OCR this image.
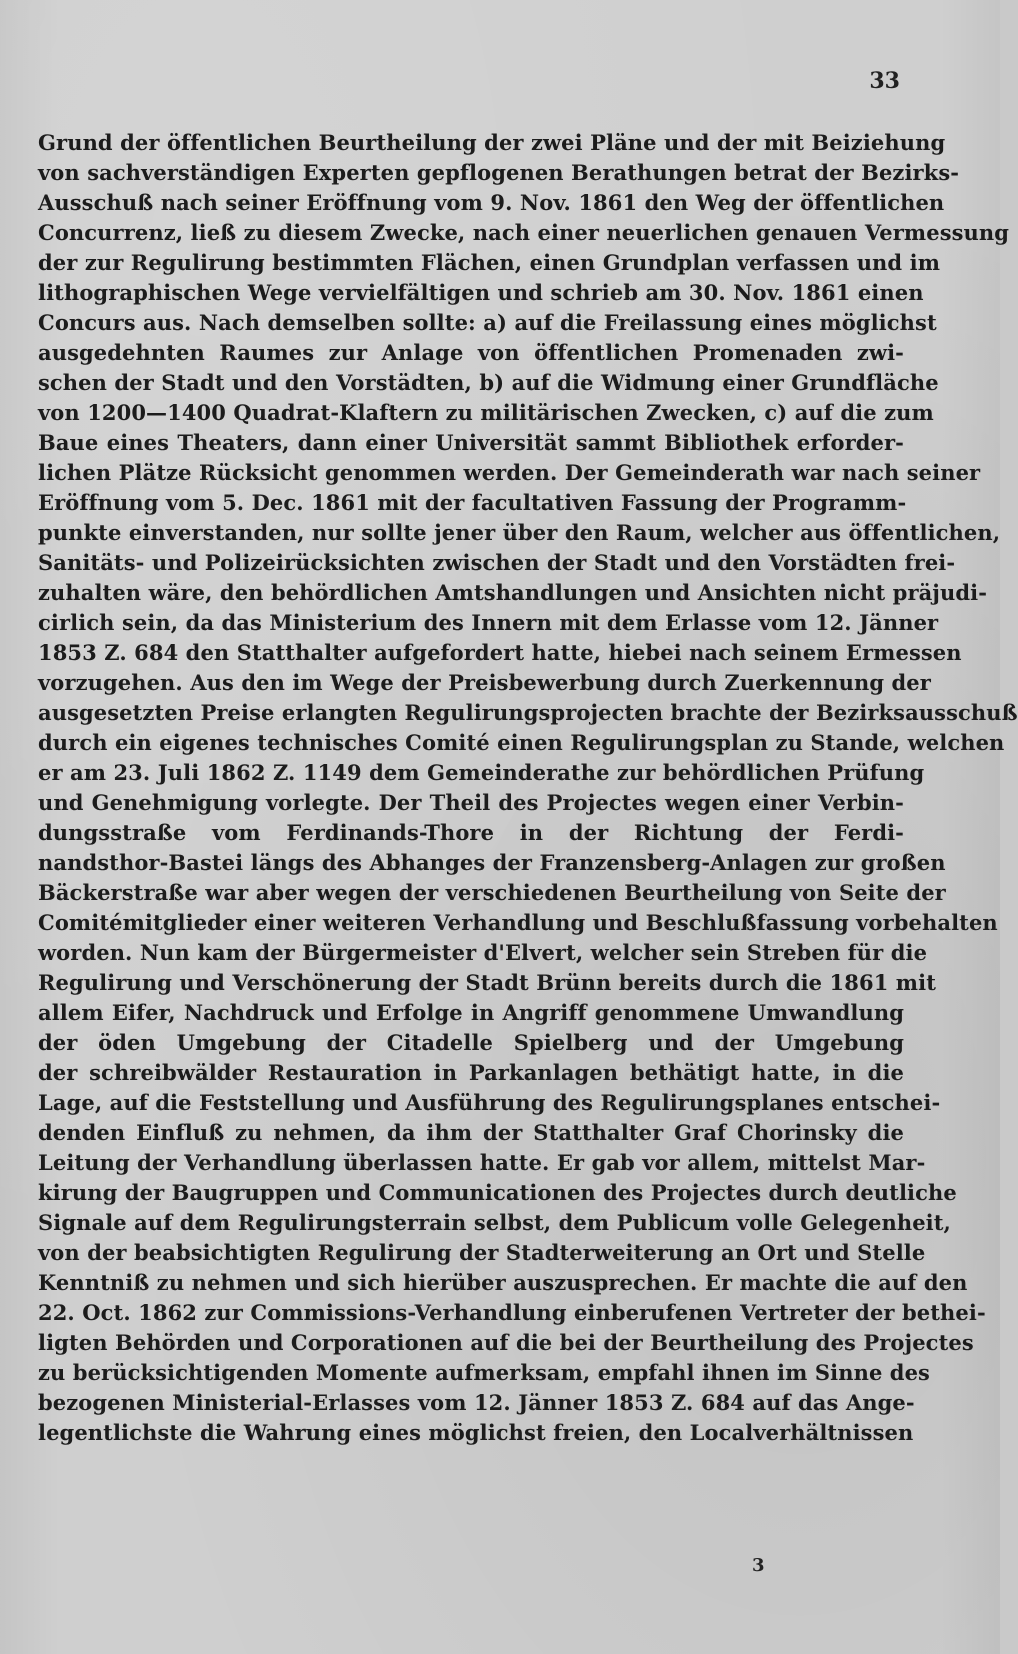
33
Grund der öffentlichen Beurtheilung der zwei Pläne und der mit Beiziehung
von sachverständigen Experten gepflogenen Berathungen betrat der Bezirks-
Ausschuß nach seiner Eröffnung vom 9. Nov. 1861 den Weg der öffentlichen
Concurrenz, ließ zu diesem Zwecke, nach einer neuerlichen genauen Vermessung
der zur Regulirung bestimmten Flächen, einen Grundplan verfassen und im
lithographischen Wege vervielfältigen und schrieb am 30. Nov. 1861 einen
Concurs aus. Nach demselben sollte: a) auf die Freilassung eines möglichst
ausgedehnten Raumes zur Anlage von öffentlichen Promenaden zwi-
schen der Stadt und den Vorstädten, b) auf die Widmung einer Grundfläche
von 1200—1400 Quadrat-Klaftern zu militärischen Zwecken, c) auf die zum
Baue eines Theaters, dann einer Universität sammt Bibliothek erforder-
lichen Plätze Rücksicht genommen werden. Der Gemeinderath war nach seiner
Eröffnung vom 5. Dec. 1861 mit der facultativen Fassung der Programm-
punkte einverstanden, nur sollte jener über den Raum, welcher aus öffentlichen,
Sanitäts- und Polizeirücksichten zwischen der Stadt und den Vorstädten frei-
zuhalten wäre, den behördlichen Amtshandlungen und Ansichten nicht präjudi-
cirlich sein, da das Ministerium des Innern mit dem Erlasse vom 12. Jänner
1853 Z. 684 den Statthalter aufgefordert hatte, hiebei nach seinem Ermessen
vorzugehen. Aus den im Wege der Preisbewerbung durch Zuerkennung der
ausgesetzten Preise erlangten Regulirungsprojecten brachte der Bezirksausschuß
durch ein eigenes technisches Comité einen Regulirungsplan zu Stande, welchen
er am 23. Juli 1862 Z. 1149 dem Gemeinderathe zur behördlichen Prüfung
und Genehmigung vorlegte. Der Theil des Projectes wegen einer Verbin-
dungsstraße vom Ferdinands-Thore in der Richtung der Ferdi-
nandsthor-Bastei längs des Abhanges der Franzensberg-Anlagen zur großen
Bäckerstraße war aber wegen der verschiedenen Beurtheilung von Seite der
Comitémitglieder einer weiteren Verhandlung und Beschlußfassung vorbehalten
worden. Nun kam der Bürgermeister d'Elvert, welcher sein Streben für die
Regulirung und Verschönerung der Stadt Brünn bereits durch die 1861 mit
allem Eifer, Nachdruck und Erfolge in Angriff genommene Umwandlung
der öden Umgebung der Citadelle Spielberg und der Umgebung
der schreibwälder Restauration in Parkanlagen bethätigt hatte, in die
Lage, auf die Feststellung und Ausführung des Regulirungsplanes entschei-
denden Einfluß zu nehmen, da ihm der Statthalter Graf Chorinsky die
Leitung der Verhandlung überlassen hatte. Er gab vor allem, mittelst Mar-
kirung der Baugruppen und Communicationen des Projectes durch deutliche
Signale auf dem Regulirungsterrain selbst, dem Publicum volle Gelegenheit,
von der beabsichtigten Regulirung der Stadterweiterung an Ort und Stelle
Kenntniß zu nehmen und sich hierüber auszusprechen. Er machte die auf den
22. Oct. 1862 zur Commissions-Verhandlung einberufenen Vertreter der bethei-
ligten Behörden und Corporationen auf die bei der Beurtheilung des Projectes
zu berücksichtigenden Momente aufmerksam, empfahl ihnen im Sinne des
bezogenen Ministerial-Erlasses vom 12. Jänner 1853 Z. 684 auf das Ange-
legentlichste die Wahrung eines möglichst freien, den Localverhältnissen
3
